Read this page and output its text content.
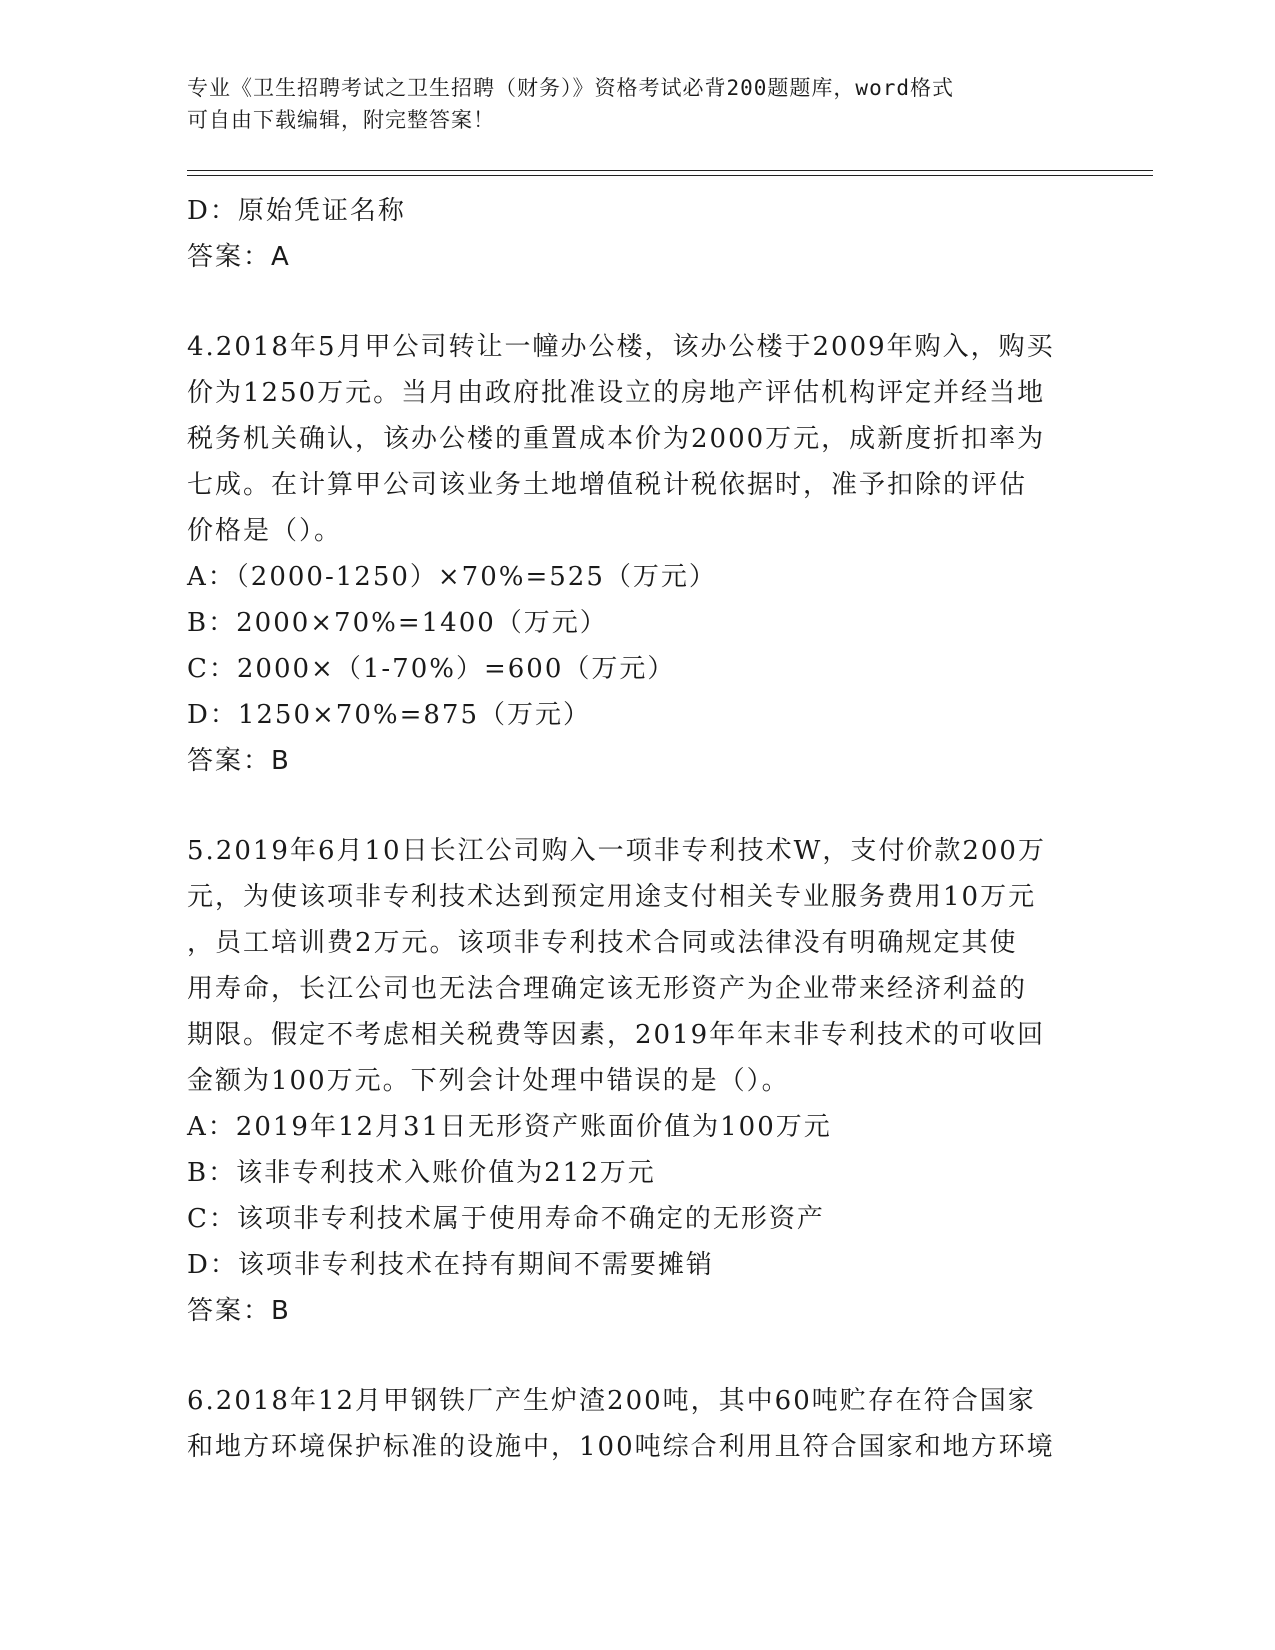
专业《卫生招聘考试之卫生招聘（财务）》资格考试必背200题题库，word格式
可自由下载编辑，附完整答案！
D：原始凭证名称
答案：A
4.2018年5月甲公司转让一幢办公楼，该办公楼于2009年购入，购买
价为1250万元。当月由政府批准设立的房地产评估机构评定并经当地
税务机关确认，该办公楼的重置成本价为2000万元，成新度折扣率为
七成。在计算甲公司该业务土地增值税计税依据时，准予扣除的评估
价格是（）。
A：（2000-1250）×70%=525（万元）
B：2000×70%=1400（万元）
C：2000×（1-70%）=600（万元）
D：1250×70%=875（万元）
答案：B
5.2019年6月10日长江公司购入一项非专利技术W，支付价款200万
元，为使该项非专利技术达到预定用途支付相关专业服务费用10万元
，员工培训费2万元。该项非专利技术合同或法律没有明确规定其使
用寿命，长江公司也无法合理确定该无形资产为企业带来经济利益的
期限。假定不考虑相关税费等因素，2019年年末非专利技术的可收回
金额为100万元。下列会计处理中错误的是（）。
A：2019年12月31日无形资产账面价值为100万元
B：该非专利技术入账价值为212万元
C：该项非专利技术属于使用寿命不确定的无形资产
D：该项非专利技术在持有期间不需要摊销
答案：B
6.2018年12月甲钢铁厂产生炉渣200吨，其中60吨贮存在符合国家
和地方环境保护标准的设施中，100吨综合利用且符合国家和地方环境
